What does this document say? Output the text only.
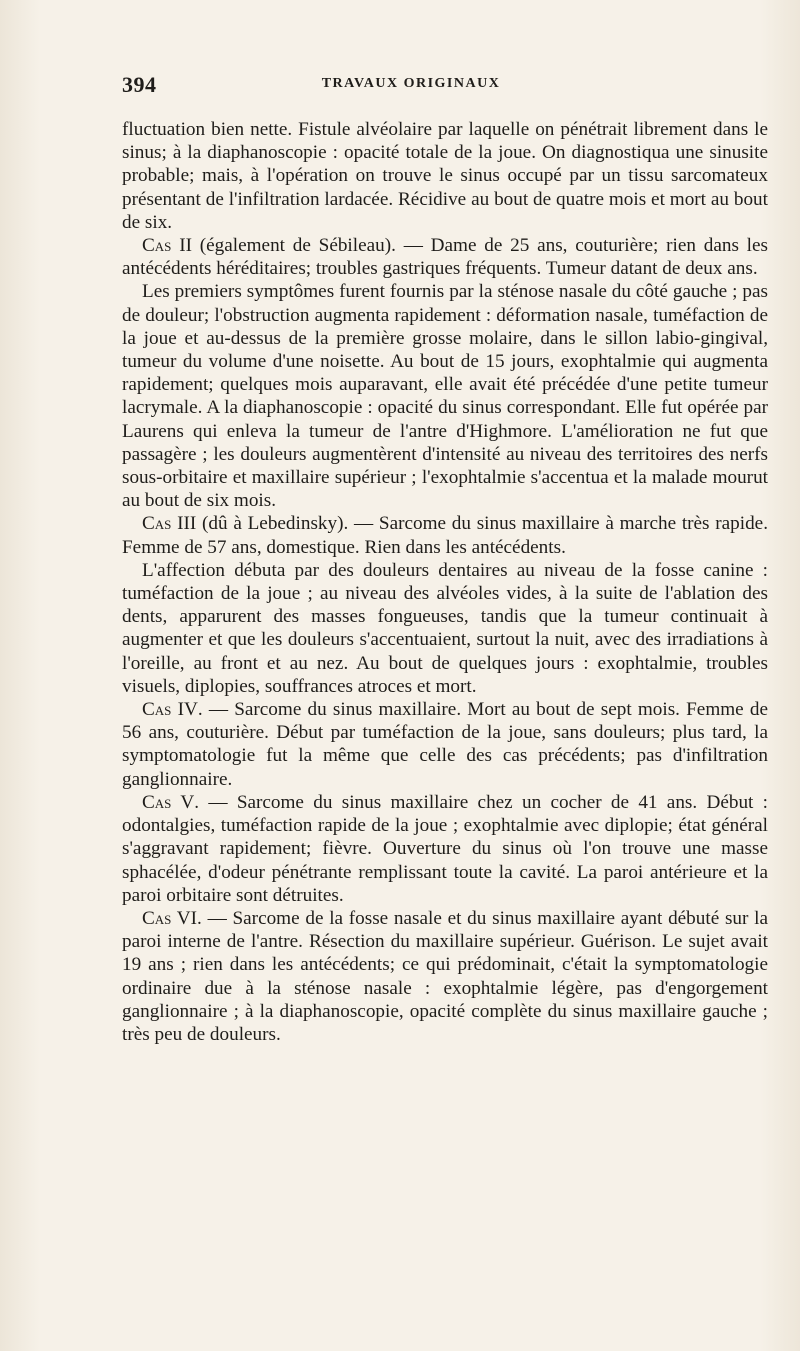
394	TRAVAUX ORIGINAUX

fluctuation bien nette. Fistule alvéolaire par laquelle on pénétrait librement dans le sinus; à la diaphanoscopie : opacité totale de la joue. On diagnostiqua une sinusite probable; mais, à l'opération on trouve le sinus occupé par un tissu sarcomateux présentant de l'infiltration lardacée. Récidive au bout de quatre mois et mort au bout de six.

Cas II (également de Sébileau). — Dame de 25 ans, couturière; rien dans les antécédents héréditaires; troubles gastriques fréquents. Tumeur datant de deux ans.

Les premiers symptômes furent fournis par la sténose nasale du côté gauche ; pas de douleur; l'obstruction augmenta rapidement : déformation nasale, tuméfaction de la joue et au-dessus de la première grosse molaire, dans le sillon labio-gingival, tumeur du volume d'une noisette. Au bout de 15 jours, exophtalmie qui augmenta rapidement; quelques mois auparavant, elle avait été précédée d'une petite tumeur lacrymale. A la diaphanoscopie : opacité du sinus correspondant. Elle fut opérée par Laurens qui enleva la tumeur de l'antre d'Highmore. L'amélioration ne fut que passagère ; les douleurs augmentèrent d'intensité au niveau des territoires des nerfs sous-orbitaire et maxillaire supérieur ; l'exophtalmie s'accentua et la malade mourut au bout de six mois.

Cas III (dû à Lebedinsky). — Sarcome du sinus maxillaire à marche très rapide. Femme de 57 ans, domestique. Rien dans les antécédents.

L'affection débuta par des douleurs dentaires au niveau de la fosse canine : tuméfaction de la joue ; au niveau des alvéoles vides, à la suite de l'ablation des dents, apparurent des masses fongueuses, tandis que la tumeur continuait à augmenter et que les douleurs s'accentuaient, surtout la nuit, avec des irradiations à l'oreille, au front et au nez. Au bout de quelques jours : exophtalmie, troubles visuels, diplopies, souffrances atroces et mort.

Cas IV. — Sarcome du sinus maxillaire. Mort au bout de sept mois. Femme de 56 ans, couturière. Début par tuméfaction de la joue, sans douleurs; plus tard, la symptomatologie fut la même que celle des cas précédents; pas d'infiltration ganglionnaire.

Cas V. — Sarcome du sinus maxillaire chez un cocher de 41 ans. Début : odontalgies, tuméfaction rapide de la joue ; exophtalmie avec diplopie; état général s'aggravant rapidement; fièvre. Ouverture du sinus où l'on trouve une masse sphacélée, d'odeur pénétrante remplissant toute la cavité. La paroi antérieure et la paroi orbitaire sont détruites.

Cas VI. — Sarcome de la fosse nasale et du sinus maxillaire ayant débuté sur la paroi interne de l'antre. Résection du maxillaire supérieur. Guérison. Le sujet avait 19 ans ; rien dans les antécédents; ce qui prédominait, c'était la symptomatologie ordinaire due à la sténose nasale : exophtalmie légère, pas d'engorgement ganglionnaire ; à la diaphanoscopie, opacité complète du sinus maxillaire gauche ; très peu de douleurs.
